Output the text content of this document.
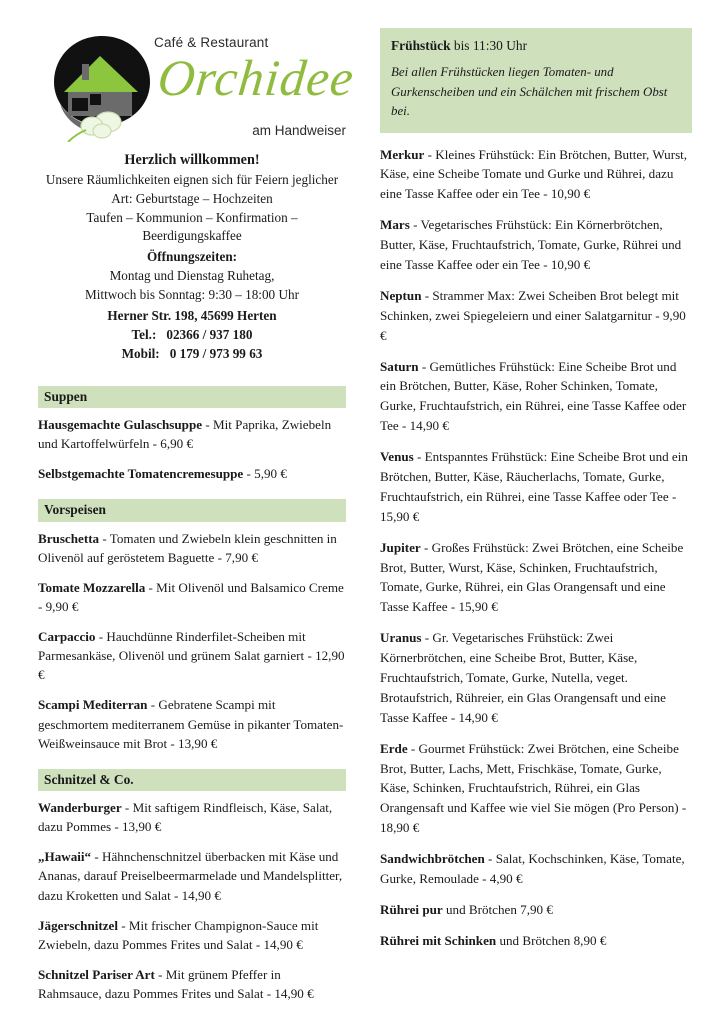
Café & Restaurant
Orchidee
am Handweiser
Herzlich willkommen!
Unsere Räumlichkeiten eignen sich für Feiern jeglicher
Art: Geburtstage – Hochzeiten
Taufen – Kommunion – Konfirmation –
Beerdigungskaffee
Öffnungszeiten:
Montag und Dienstag Ruhetag,
Mittwoch bis Sonntag: 9:30 – 18:00 Uhr
Herner Str. 198, 45699 Herten
Tel.: 02366 / 937 180
Mobil: 0 179 / 973 99 63
Suppen
Hausgemachte Gulaschsuppe - Mit Paprika, Zwiebeln und Kartoffelwürfeln - 6,90 €
Selbstgemachte Tomatencremesuppe - 5,90 €
Vorspeisen
Bruschetta - Tomaten und Zwiebeln klein geschnitten in Olivenöl auf geröstetem Baguette - 7,90 €
Tomate Mozzarella - Mit Olivenöl und Balsamico Creme - 9,90 €
Carpaccio - Hauchdünne Rinderfilet-Scheiben mit Parmesankäse, Olivenöl und grünem Salat garniert - 12,90 €
Scampi Mediterran - Gebratene Scampi mit geschmortem mediterranem Gemüse in pikanter Tomaten-Weißweinsauce mit Brot - 13,90 €
Schnitzel & Co.
Wanderburger - Mit saftigem Rindfleisch, Käse, Salat, dazu Pommes - 13,90 €
„Hawaii“ - Hähnchenschnitzel überbacken mit Käse und Ananas, darauf Preiselbeermarmelade und Mandelsplitter, dazu Kroketten und Salat - 14,90 €
Jägerschnitzel - Mit frischer Champignon-Sauce mit Zwiebeln, dazu Pommes Frites und Salat - 14,90 €
Schnitzel Pariser Art - Mit grünem Pfeffer in Rahmsauce, dazu Pommes Frites und Salat - 14,90 €
Frühstück bis 11:30 Uhr
Bei allen Frühstücken liegen Tomaten- und Gurkenscheiben und ein Schälchen mit frischem Obst bei.
Merkur - Kleines Frühstück: Ein Brötchen, Butter, Wurst, Käse, eine Scheibe Tomate und Gurke und Rührei, dazu eine Tasse Kaffee oder ein Tee - 10,90 €
Mars - Vegetarisches Frühstück: Ein Körnerbrötchen, Butter, Käse, Fruchtaufstrich, Tomate, Gurke, Rührei und eine Tasse Kaffee oder ein Tee - 10,90 €
Neptun - Strammer Max: Zwei Scheiben Brot belegt mit Schinken, zwei Spiegeleiern und einer Salatgarnitur - 9,90 €
Saturn - Gemütliches Frühstück: Eine Scheibe Brot und ein Brötchen, Butter, Käse, Roher Schinken, Tomate, Gurke, Fruchtaufstrich, ein Rührei, eine Tasse Kaffee oder Tee - 14,90 €
Venus - Entspanntes Frühstück: Eine Scheibe Brot und ein Brötchen, Butter, Käse, Räucherlachs, Tomate, Gurke, Fruchtaufstrich, ein Rührei, eine Tasse Kaffee oder Tee - 15,90 €
Jupiter - Großes Frühstück: Zwei Brötchen, eine Scheibe Brot, Butter, Wurst, Käse, Schinken, Fruchtaufstrich, Tomate, Gurke, Rührei, ein Glas Orangensaft und eine Tasse Kaffee - 15,90 €
Uranus - Gr. Vegetarisches Frühstück: Zwei Körnerbrötchen, eine Scheibe Brot, Butter, Käse, Fruchtaufstrich, Tomate, Gurke, Nutella, veget. Brotaufstrich, Rühreier, ein Glas Orangensaft und eine Tasse Kaffee - 14,90 €
Erde - Gourmet Frühstück: Zwei Brötchen, eine Scheibe Brot, Butter, Lachs, Mett, Frischkäse, Tomate, Gurke, Käse, Schinken, Fruchtaufstrich, Rührei, ein Glas Orangensaft und Kaffee wie viel Sie mögen (Pro Person) - 18,90 €
Sandwichbrötchen - Salat, Kochschinken, Käse, Tomate, Gurke, Remoulade - 4,90 €
Rührei pur und Brötchen 7,90 €
Rührei mit Schinken und Brötchen 8,90 €
